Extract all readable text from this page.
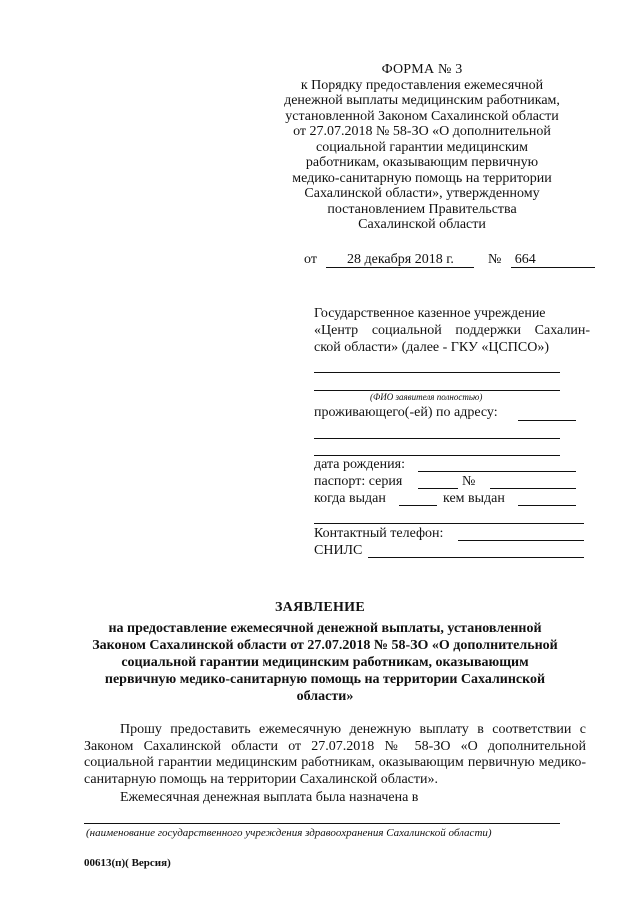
ФОРМА № 3
к Порядку предоставления ежемесячной
денежной выплаты медицинским работникам,
установленной Законом Сахалинской области
от 27.07.2018 № 58-ЗО «О дополнительной
социальной гарантии медицинским
работникам, оказывающим первичную
медико-санитарную помощь на территории
Сахалинской области», утвержденному
постановлением Правительства
Сахалинской области
от 28 декабря 2018 г. № 664
Государственное казенное учреждение
«Центр социальной поддержки Сахалин-
ской области» (далее - ГКУ «ЦСПСО»)
(ФИО заявителя полностью)
проживающего(-ей) по адресу:
дата рождения:
паспорт: серия	№
когда выдан	кем выдан
Контактный телефон:
СНИЛС
ЗАЯВЛЕНИЕ
на предоставление ежемесячной денежной выплаты, установленной
Законом Сахалинской области от 27.07.2018 № 58-ЗО «О дополнительной
социальной гарантии медицинским работникам, оказывающим
первичную медико-санитарную помощь на территории Сахалинской
области»
Прошу предоставить ежемесячную денежную выплату в соответствии с Законом Сахалинской области от 27.07.2018 № 58-ЗО «О дополнительной социальной гарантии медицинским работникам, оказывающим первичную медико-санитарную помощь на территории Сахалинской области».
Ежемесячная денежная выплата была назначена в
(наименование государственного учреждения здравоохранения Сахалинской области)
00613(п)( Версия)
